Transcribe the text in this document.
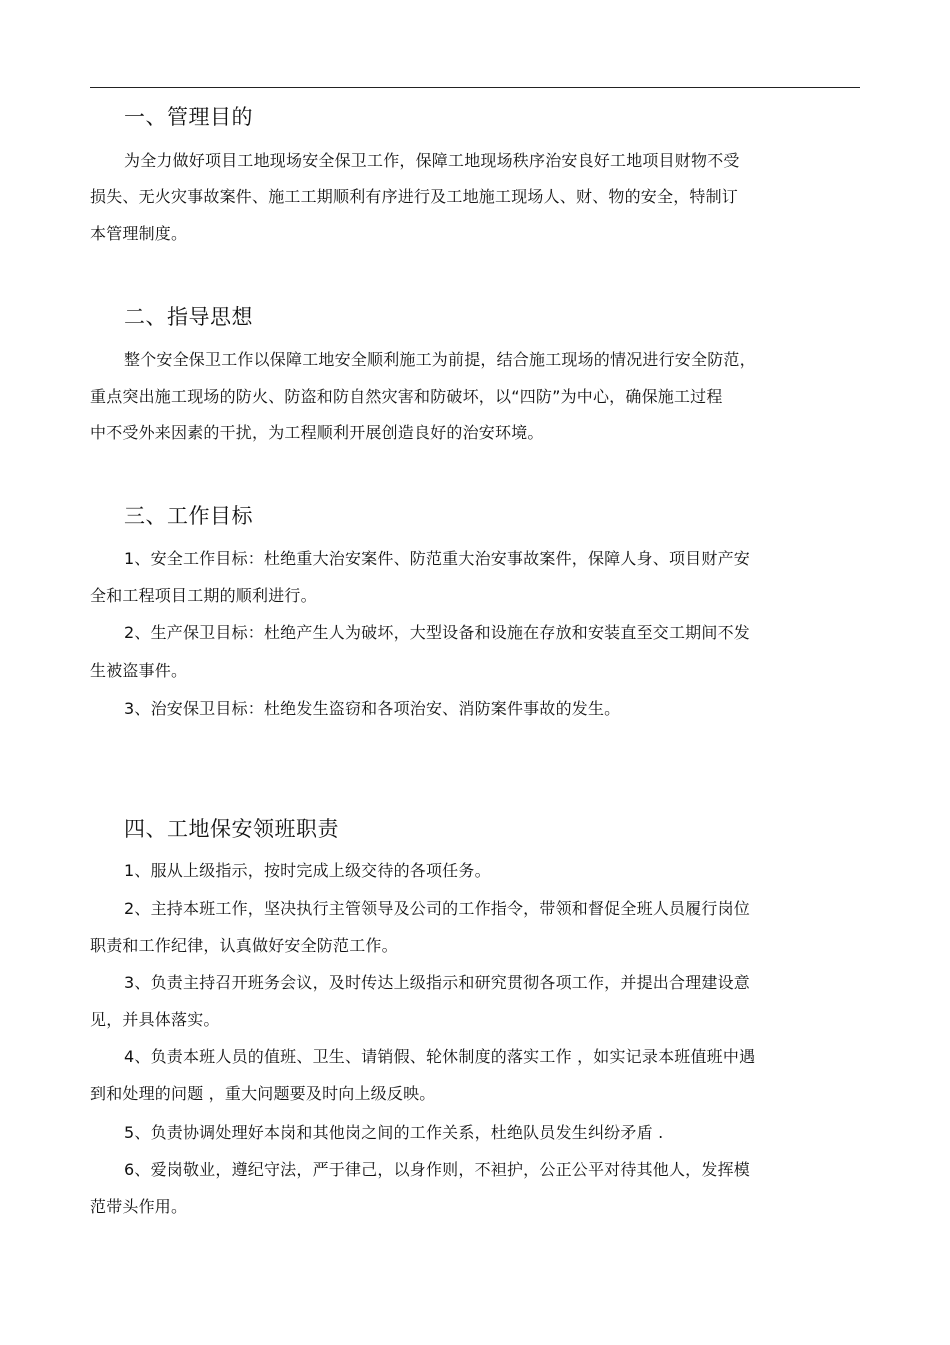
一、管理目的
为全力做好项目工地现场安全保卫工作，保障工地现场秩序治安良好工地项目财物不受
损失、无火灾事故案件、施工工期顺利有序进行及工地施工现场人、财、物的安全，特制订
本管理制度。
二、指导思想
整个安全保卫工作以保障工地安全顺利施工为前提，结合施工现场的情况进行安全防范，
重点突出施工现场的防火、防盗和防自然灾害和防破坏，以“四防”为中心，确保施工过程
中不受外来因素的干扰，为工程顺利开展创造良好的治安环境。
三、工作目标
1、安全工作目标：杜绝重大治安案件、防范重大治安事故案件，保障人身、项目财产安
全和工程项目工期的顺利进行。
2、生产保卫目标：杜绝产生人为破坏，大型设备和设施在存放和安装直至交工期间不发
生被盗事件。
3、治安保卫目标：杜绝发生盗窃和各项治安、消防案件事故的发生。
四、工地保安领班职责
1、服从上级指示，按时完成上级交待的各项任务。
2、主持本班工作，坚决执行主管领导及公司的工作指令，带领和督促全班人员履行岗位
职责和工作纪律，认真做好安全防范工作。
3、负责主持召开班务会议，及时传达上级指示和研究贯彻各项工作，并提出合理建设意
见，并具体落实。
4、负责本班人员的值班、卫生、请销假、轮休制度的落实工作 ，如实记录本班值班中遇
到和处理的问题 ，重大问题要及时向上级反映。
5、负责协调处理好本岗和其他岗之间的工作关系，杜绝队员发生纠纷矛盾 .
6、爱岗敬业，遵纪守法，严于律己，以身作则，不袒护，公正公平对待其他人，发挥模
范带头作用。
